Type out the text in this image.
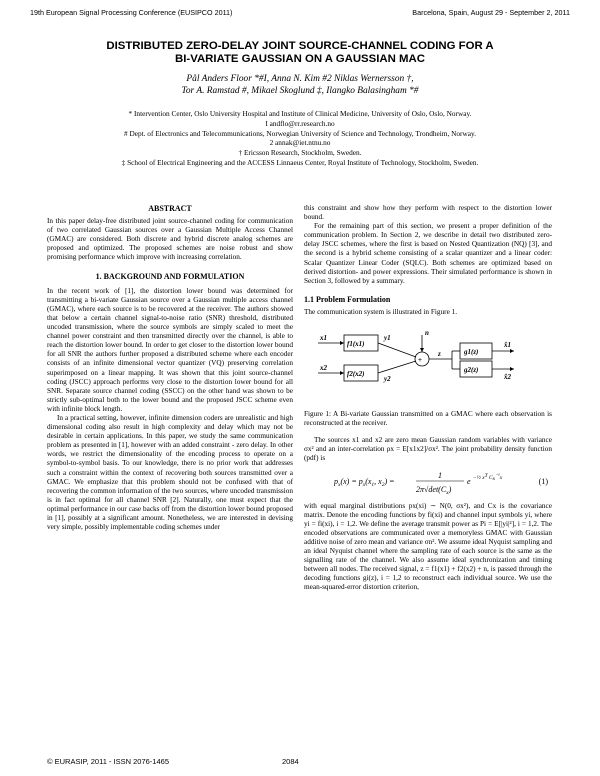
19th European Signal Processing Conference (EUSIPCO 2011)	Barcelona, Spain, August 29 - September 2, 2011
DISTRIBUTED ZERO-DELAY JOINT SOURCE-CHANNEL CODING FOR A
BI-VARIATE GAUSSIAN ON A GAUSSIAN MAC
Pål Anders Floor *#I, Anna N. Kim #2 Niklas Wernersson †,
Tor A. Ramstad #, Mikael Skoglund ‡, Ilangko Balasingham *#
* Intervention Center, Oslo University Hospital and Institute of Clinical Medicine, University of Oslo, Oslo, Norway.
I andflo@rr.research.no
# Dept. of Electronics and Telecommunications, Norwegian University of Science and Technology, Trondheim, Norway.
2 annak@iet.ntnu.no
† Ericsson Research, Stockholm, Sweden.
‡ School of Electrical Engineering and the ACCESS Linnaeus Center, Royal Institute of Technology, Stockholm, Sweden.
ABSTRACT

In this paper delay-free distributed joint source-channel coding for communication of two correlated Gaussian sources over a Gaussian Multiple Access Channel (GMAC) are considered. Both discrete and hybrid discrete analog schemes are proposed and optimized. The proposed schemes are noise robust and show promising performance which improve with increasing correlation.

1. BACKGROUND AND FORMULATION

In the recent work of [1], the distortion lower bound was determined for transmitting a bi-variate Gaussian source over a Gaussian multiple access channel (GMAC), where each source is to be recovered at the receiver. The authors showed that below a certain channel signal-to-noise ratio (SNR) threshold, distributed uncoded transmission, where the source symbols are simply scaled to meet the channel power constraint and then transmitted directly over the channel, is able to reach the distortion lower bound. In order to get closer to the distortion lower bound for all SNR the authors further proposed a distributed scheme where each encoder consists of an infinite dimensional vector quantizer (VQ) preserving correlation superimposed on a linear mapping. It was shown that this joint source-channel coding (JSCC) approach performs very close to the distortion lower bound for all SNR. Separate source channel coding (SSCC) on the other hand was shown to be strictly sub-optimal both to the lower bound and the proposed JSCC scheme even with infinite block length.

In a practical setting, however, infinite dimension coders are unrealistic and high dimensional coding also result in high complexity and delay which may not be desirable in certain applications. In this paper, we study the same communication problem as presented in [1], however with an added constraint - zero delay. In other words, we restrict the dimensionality of the encoding process to operate on a symbol-to-symbol basis. To our knowledge, there is no prior work that addresses such a constraint within the context of recovering both sources transmitted over a GMAC. We emphasize that this problem should not be confused with that of recovering the common information of the two sources, where uncoded transmission is in fact optimal for all channel SNR [2]. Naturally, one must expect that the optimal performance in our case backs off from the distortion lower bound proposed in [1], possibly at a significant amount. Nonetheless, we are interested in devising very simple, possibly implementable coding schemes under

this constraint and show how they perform with respect to the distortion lower bound.

For the remaining part of this section, we present a proper definition of the communication problem. In Section 2, we describe in detail two distributed zero-delay JSCC schemes, where the first is based on Nested Quantization (NQ) [3], and the second is a hybrid scheme consisting of a scalar quantizer and a linear coder: Scalar Quantizer Linear Coder (SQLC). Both schemes are optimized based on derived distortion- and power expressions. Their simulated performance is shown in Section 3, followed by a summary.

1.1 Problem Formulation

The communication system is illustrated in Figure 1.

x1
x2
f1(x1)
f2(x2)
y1
y2
n
+
z	g1(z)
g2(z)
x̂1
x̂2

Figure 1: A Bi-variate Gaussian transmitted on a GMAC where each observation is reconstructed at the receiver.

The sources x1 and x2 are zero mean Gaussian random variables with variance σx² and an inter-correlation ρx = E[x1x2]/σx². The joint probability density function (pdf) is

$p_x(x) = p_x(x_1$, $x_2$) =
1
$2\pi√\det(C_x)$
e −½ xT Cx⁻¹x	(1)

with equal marginal distributions px(xi) ∼ N(0, σx²), and Cx is the covariance matrix. Denote the encoding functions by fi(xi) and channel input symbols yi, where yi = fi(xi), i = 1,2. We define the average transmit power as Pi = E[|yi|²], i = 1,2. The encoded observations are communicated over a memoryless GMAC with Gaussian additive noise of zero mean and variance σn². We assume ideal Nyquist sampling and an ideal Nyquist channel where the sampling rate of each source is the same as the signalling rate of the channel. We also assume ideal synchronization and timing between all nodes. The received signal, z = f1(x1) + f2(x2) + n, is passed through the decoding functions gi(z), i = 1,2 to reconstruct each individual source. We use the mean-squared-error distortion criterion,

© EURASIP, 2011 - ISSN 2076-1465	2084
